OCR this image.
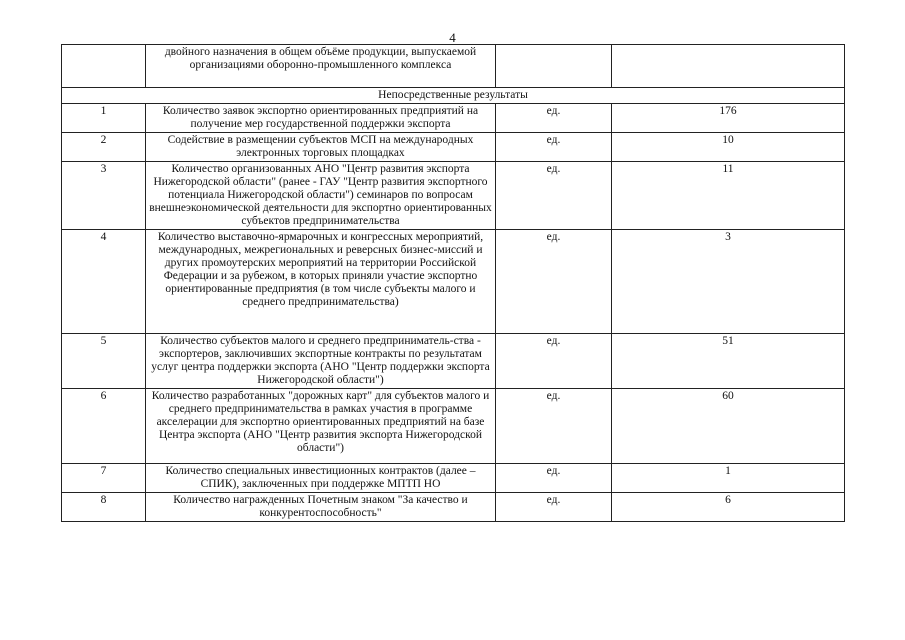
4
	двойного назначения в общем объёме продукции, выпускаемой организациями оборонно-промышленного комплекса		
Непосредственные результаты			
1	Количество заявок экспортно ориентированных предприятий на получение мер государственной поддержки экспорта	ед.	176
2	Содействие в размещении субъектов МСП на международных электронных торговых площадках	ед.	10
3	Количество организованных АНО "Центр развития экспорта Нижегородской области" (ранее - ГАУ "Центр развития экспортного потенциала Нижегородской области") семинаров по вопросам внешнеэкономической деятельности для экспортно ориентированных субъектов предпринимательства	ед.	11
4	Количество выставочно-ярмарочных и конгрессных мероприятий, международных, межрегиональных и реверсных бизнес-миссий и других промоутерских мероприятий на территории Российской Федерации и за рубежом, в которых приняли участие экспортно ориентированные предприятия (в том числе субъекты малого и среднего предпринимательства)	ед.	3
5	Количество субъектов малого и среднего предприниматель-ства - экспортеров, заключивших экспортные контракты по результатам услуг центра поддержки экспорта (АНО "Центр поддержки экспорта Нижегородской области")	ед.	51
6	Количество разработанных "дорожных карт" для субъектов малого и среднего предпринимательства в рамках участия в программе акселерации для экспортно ориентированных предприятий на базе Центра экспорта (АНО "Центр развития экспорта Нижегородской области")	ед.	60
7	Количество специальных инвестиционных контрактов (далее – СПИК), заключенных при поддержке МПТП НО	ед.	1
8	Количество награжденных Почетным знаком "За качество и конкурентоспособность"	ед.	6
